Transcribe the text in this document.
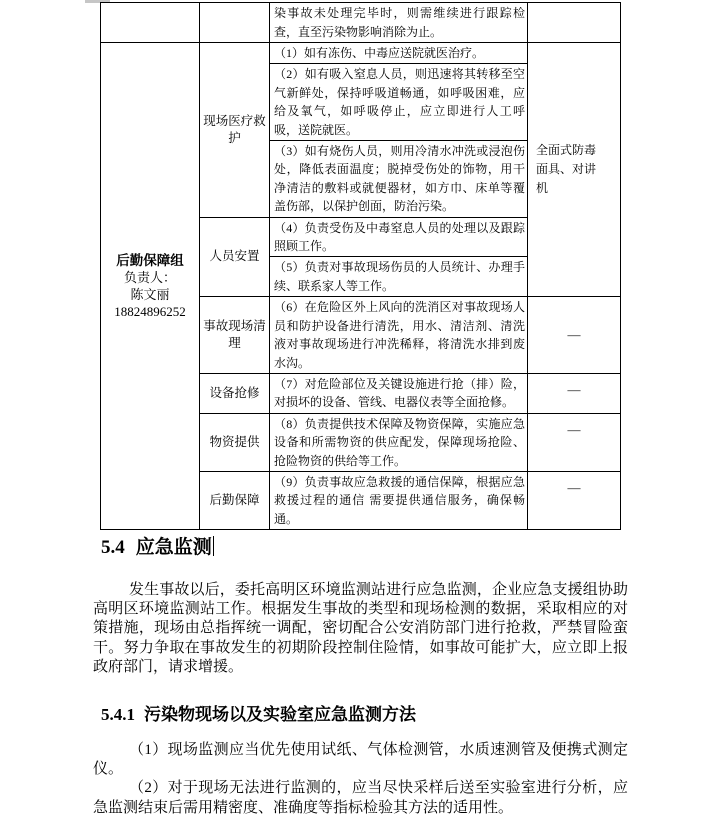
		染事故未处理完毕时，则需维续进行跟踪检查，直至污染物影响消除为止。	

后勤保障组
负责人：
陈文丽
18824896252	现场医疗救护	（1）如有冻伤、中毒应送院就医治疗。	全面式防毒面具、对讲机
		（2）如有吸入窒息人员，则迅速将其转移至空气新鲜处，保持呼吸道畅通，如呼吸困难，应给及氧气，如呼吸停止，应立即进行人工呼吸，送院就医。	
		（3）如有烧伤人员，则用冷清水冲洗或浸泡伤处，降低表面温度；脱掉受伤处的饰物，用干净清洁的敷料或就便器材，如方巾、床单等覆盖伤部，以保护创面，防治污染。	
	人员安置	（4）负责受伤及中毒窒息人员的处理以及跟踪照顾工作。	
		（5）负责对事故现场伤员的人员统计、办理手续、联系家人等工作。	
	事故现场清理	（6）在危险区外上风向的洗消区对事故现场人员和防护设备进行清洗，用水、清洁剂、清洗液对事故现场进行冲洗稀释，将清洗水排到废水沟。	—
	设备抢修	（7）对危险部位及关键设施进行抢（排）险，对损坏的设备、管线、电器仪表等全面抢修。	—
	物资提供	（8）负责提供技术保障及物资保障，实施应急设备和所需物资的供应配发，保障现场抢险、抢险物资的供给等工作。	—
	后勤保障	（9）负责事故应急救援的通信保障，根据应急救援过程的通信 需要提供通信服务，确保畅通。	—
5.4 应急监测

发生事故以后，委托高明区环境监测站进行应急监测，企业应急支援组协助高明区环境监测站工作。根据发生事故的类型和现场检测的数据，采取相应的对策措施，现场由总指挥统一调配，密切配合公安消防部门进行抢救，严禁冒险蛮干。努力争取在事故发生的初期阶段控制住险情，如事故可能扩大，应立即上报政府部门，请求增援。

5.4.1 污染物现场以及实验室应急监测方法

（1）现场监测应当优先使用试纸、气体检测管，水质速测管及便携式测定仪。

（2）对于现场无法进行监测的，应当尽快采样后送至实验室进行分析，应急监测结束后需用精密度、准确度等指标检验其方法的适用性。
